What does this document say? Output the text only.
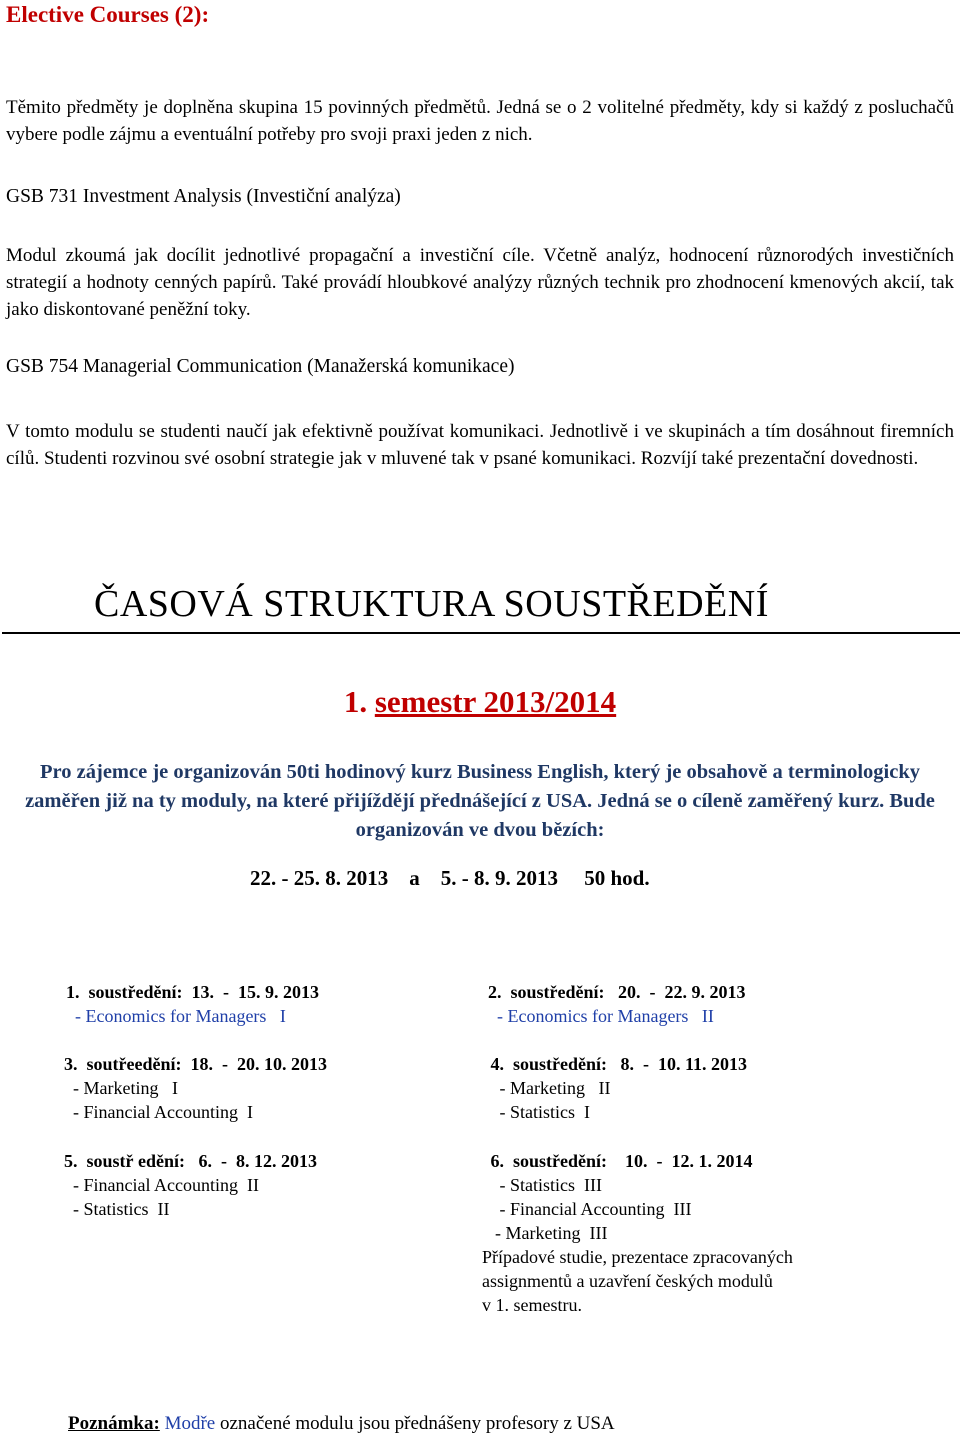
Elective Courses (2):
Těmito předměty je doplněna skupina 15 povinných předmětů. Jedná se o 2 volitelné předměty, kdy si každý z posluchačů vybere podle zájmu a eventuální potřeby pro svoji praxi jeden z nich.
GSB 731 Investment Analysis (Investiční analýza)
Modul zkoumá jak docílit jednotlivé propagační a investiční cíle. Včetně analýz, hodnocení různorodých investičních strategií a hodnoty cenných papírů. Také provádí hloubkové analýzy různých technik pro zhodnocení kmenových akcií, tak jako diskontované peněžní toky.
GSB 754 Managerial Communication (Manažerská komunikace)
V tomto modulu se studenti naučí jak efektivně používat komunikaci. Jednotlivě i ve skupinách a tím dosáhnout firemních cílů. Studenti rozvinou své osobní strategie jak v mluvené tak v psané komunikaci. Rozvíjí také prezentační dovednosti.
ČASOVÁ STRUKTURA SOUSTŘEDĚNÍ
1. semestr 2013/2014
Pro zájemce je organizován 50ti hodinový kurz Business English, který je obsahově a terminologicky zaměřen již na ty moduly, na které přijíždějí přednášející z USA. Jedná se o cíleně zaměřený kurz. Bude organizován ve dvou bězích:
22. - 25. 8. 2013    a    5. - 8. 9. 2013     50 hod.
1.  soustředění:  13.  -  15. 9. 2013
- Economics for Managers   I
2.  soustředění:   20.  -  22. 9. 2013
- Economics for Managers   II
3.  soutřeedění:  18.  -  20. 10. 2013
- Marketing   I
- Financial Accounting  I
4.  soustředění:   8.  -  10. 11. 2013
- Marketing   II
- Statistics  I
5.  soustř edění:   6.  -  8. 12. 2013
- Financial Accounting  II
- Statistics  II
6.  soustředění:    10.  -  12. 1. 2014
- Statistics  III
- Financial Accounting  III
- Marketing  III
Případové studie, prezentace zpracovaných
assignmentů a uzavření českých modulů
v 1. semestru.
Poznámka: Modře označené modulu jsou přednášeny profesory z USA
